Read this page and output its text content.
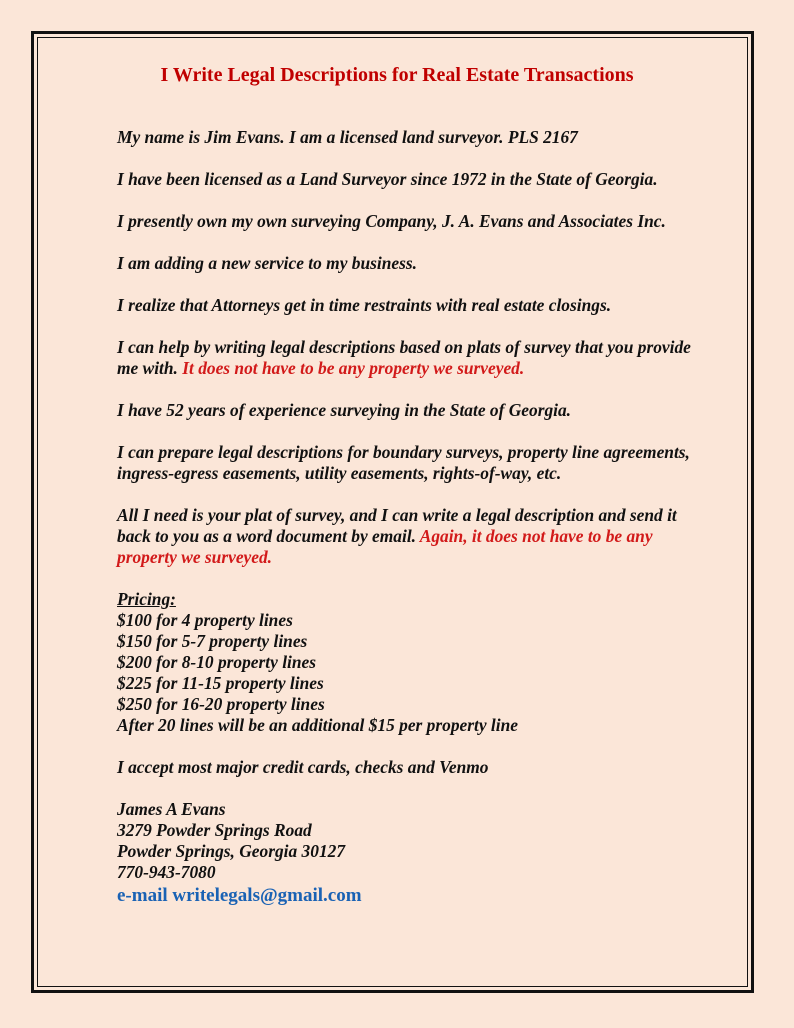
I Write Legal Descriptions for Real Estate Transactions

My name is Jim Evans. I am a licensed land surveyor. PLS 2167

I have been licensed as a Land Surveyor since 1972 in the State of Georgia.

I presently own my own surveying Company, J. A. Evans and Associates Inc.

I am adding a new service to my business.

I realize that Attorneys get in time restraints with real estate closings.

I can help by writing legal descriptions based on plats of survey that you provide me with. It does not have to be any property we surveyed.

I have 52 years of experience surveying in the State of Georgia.

I can prepare legal descriptions for boundary surveys, property line agreements, ingress-egress easements, utility easements, rights-of-way, etc.

All I need is your plat of survey, and I can write a legal description and send it back to you as a word document by email. Again, it does not have to be any property we surveyed.

Pricing:
$100 for 4 property lines
$150 for 5-7 property lines
$200 for 8-10 property lines
$225 for 11-15 property lines
$250 for 16-20 property lines
After 20 lines will be an additional $15 per property line

I accept most major credit cards, checks and Venmo

James A Evans
3279 Powder Springs Road
Powder Springs, Georgia 30127
770-943-7080
e-mail writelegals@gmail.com
